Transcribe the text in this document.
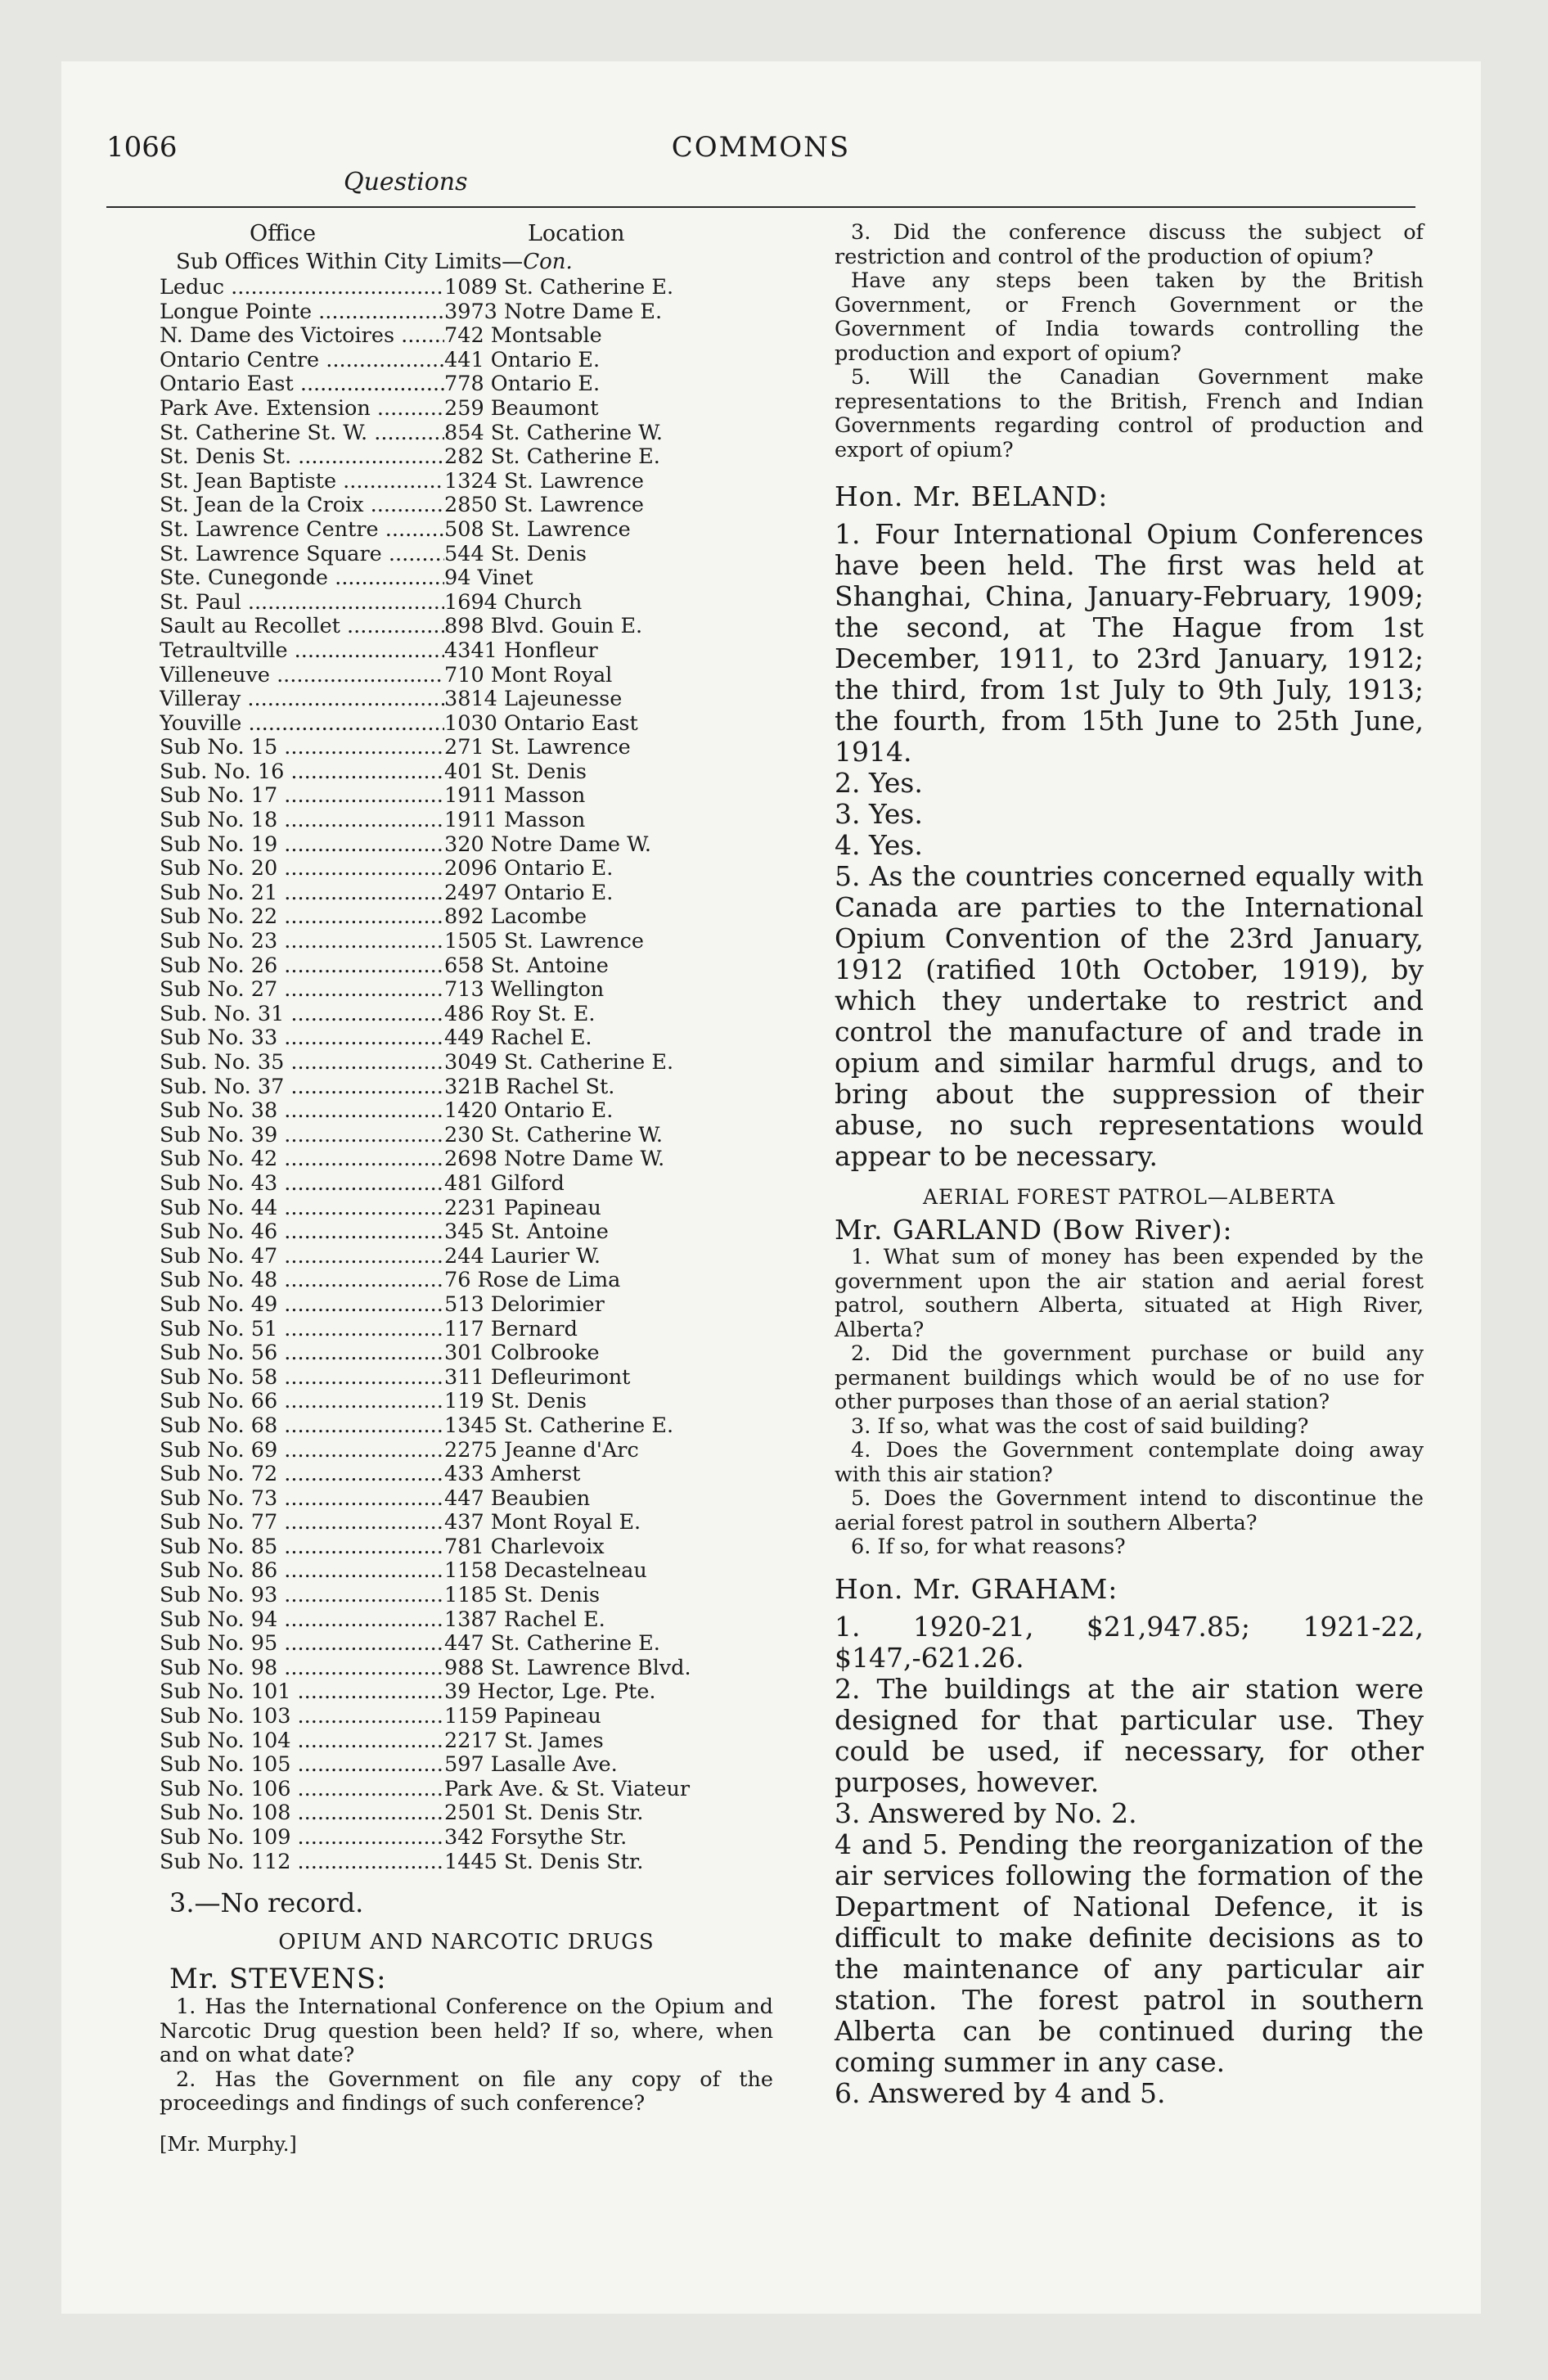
1066	COMMONS
Questions
Office	Location
Sub Offices Within City Limits—Con.
Leduc .....	1089 St. Catherine E.
Longue Pointe .....	3973 Notre Dame E.
N. Dame des Victoires .....	742 Montsable
Ontario Centre .....	441 Ontario E.
Ontario East .....	778 Ontario E.
Park Ave. Extension .....	259 Beaumont
St. Catherine St. W. .....	854 St. Catherine W.
St. Denis St. .....	282 St. Catherine E.
St. Jean Baptiste .....	1324 St. Lawrence
St. Jean de la Croix .....	2850 St. Lawrence
St. Lawrence Centre .....	508 St. Lawrence
St. Lawrence Square .....	544 St. Denis
Ste. Cunegonde .....	94 Vinet
St. Paul .....	1694 Church
Sault au Recollet .....	898 Blvd. Gouin E.
Tetraultville .....	4341 Honfleur
Villeneuve .....	710 Mont Royal
Villeray .....	3814 Lajeunesse
Youville .....	1030 Ontario East
Sub No. 15 .....	271 St. Lawrence
Sub. No. 16 .....	401 St. Denis
Sub No. 17 .....	1911 Masson
Sub No. 18 .....	1911 Masson
Sub No. 19 .....	320 Notre Dame W.
Sub No. 20 .....	2096 Ontario E.
Sub No. 21 .....	2497 Ontario E.
Sub No. 22 .....	892 Lacombe
Sub No. 23 .....	1505 St. Lawrence
Sub No. 26 .....	658 St. Antoine
Sub No. 27 .....	713 Wellington
Sub. No. 31 .....	486 Roy St. E.
Sub No. 33 .....	449 Rachel E.
Sub. No. 35 .....	3049 St. Catherine E.
Sub. No. 37 .....	321B Rachel St.
Sub No. 38 .....	1420 Ontario E.
Sub No. 39 .....	230 St. Catherine W.
Sub No. 42 .....	2698 Notre Dame W.
Sub No. 43 .....	481 Gilford
Sub No. 44 .....	2231 Papineau
Sub No. 46 .....	345 St. Antoine
Sub No. 47 .....	244 Laurier W.
Sub No. 48 .....	76 Rose de Lima
Sub No. 49 .....	513 Delorimier
Sub No. 51 .....	117 Bernard
Sub No. 56 .....	301 Colbrooke
Sub No. 58 .....	311 Defleurimont
Sub No. 66 .....	119 St. Denis
Sub No. 68 .....	1345 St. Catherine E.
Sub No. 69 .....	2275 Jeanne d'Arc
Sub No. 72 .....	433 Amherst
Sub No. 73 .....	447 Beaubien
Sub No. 77 .....	437 Mont Royal E.
Sub No. 85 .....	781 Charlevoix
Sub No. 86 .....	1158 Decastelneau
Sub No. 93 .....	1185 St. Denis
Sub No. 94 .....	1387 Rachel E.
Sub No. 95 .....	447 St. Catherine E.
Sub No. 98 .....	988 St. Lawrence Blvd.
Sub No. 101 .....	39 Hector, Lge. Pte.
Sub No. 103 .....	1159 Papineau
Sub No. 104 .....	2217 St. James
Sub No. 105 .....	597 Lasalle Ave.
Sub No. 106 .....	Park Ave. & St. Viateur
Sub No. 108 .....	2501 St. Denis Str.
Sub No. 109 .....	342 Forsythe Str.
Sub No. 112 .....	1445 St. Denis Str.
3.—No record.
OPIUM AND NARCOTIC DRUGS
Mr. STEVENS:

1. Has the International Conference on the Opium and Narcotic Drug question been held? If so, where, when and on what date?

2. Has the Government on file any copy of the proceedings and findings of such conference?

[Mr. Murphy.]

3. Did the conference discuss the subject of restriction and control of the production of opium?

Have any steps been taken by the British Government, or French Government or the Government of India towards controlling the production and export of opium?

5. Will the Canadian Government make representations to the British, French and Indian Governments regarding control of production and export of opium?

Hon. Mr. BELAND:

1. Four International Opium Conferences have been held. The first was held at Shanghai, China, January-February, 1909; the second, at The Hague from 1st December, 1911, to 23rd January, 1912; the third, from 1st July to 9th July, 1913; the fourth, from 15th June to 25th June, 1914.

2. Yes.
3. Yes.
4. Yes.

5. As the countries concerned equally with Canada are parties to the International Opium Convention of the 23rd January, 1912 (ratified 10th October, 1919), by which they undertake to restrict and control the manufacture of and trade in opium and similar harmful drugs, and to bring about the suppression of their abuse, no such representations would appear to be necessary.

AERIAL FOREST PATROL—ALBERTA
Mr. GARLAND (Bow River):

1. What sum of money has been expended by the government upon the air station and aerial forest patrol, southern Alberta, situated at High River, Alberta?

2. Did the government purchase or build any permanent buildings which would be of no use for other purposes than those of an aerial station?

3. If so, what was the cost of said building?

4. Does the Government contemplate doing away with this air station?

5. Does the Government intend to discontinue the aerial forest patrol in southern Alberta?

6. If so, for what reasons?

Hon. Mr. GRAHAM:

1. 1920-21, $21,947.85; 1921-22, $147,-621.26.

2. The buildings at the air station were designed for that particular use. They could be used, if necessary, for other purposes, however.

3. Answered by No. 2.

4 and 5. Pending the reorganization of the air services following the formation of the Department of National Defence, it is difficult to make definite decisions as to the maintenance of any particular air station. The forest patrol in southern Alberta can be continued during the coming summer in any case.

6. Answered by 4 and 5.
